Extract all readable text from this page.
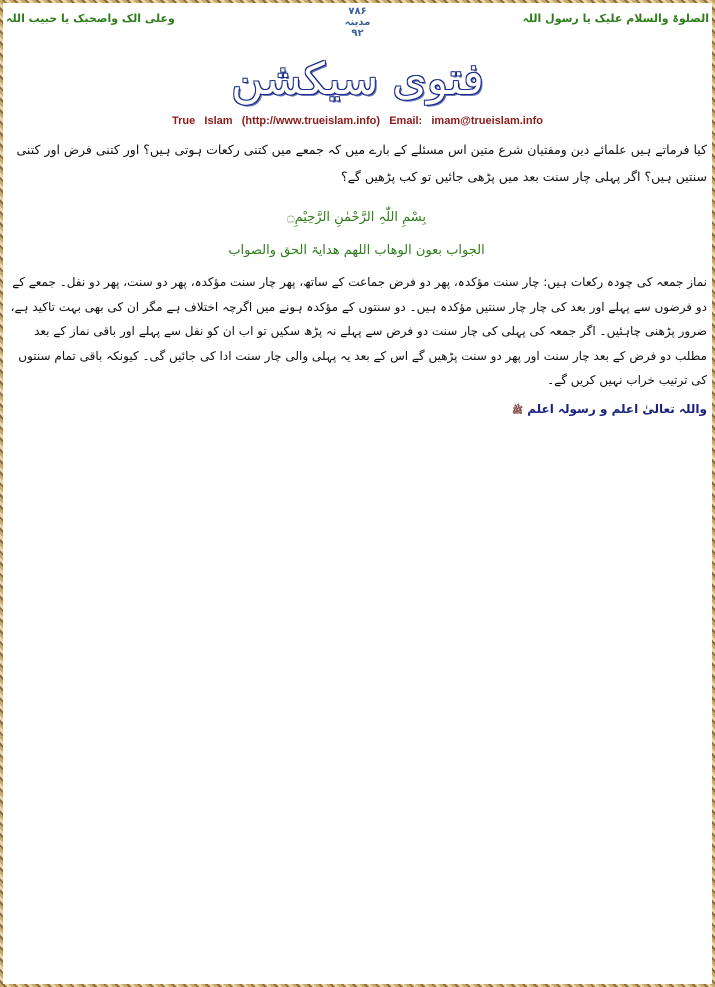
الصلوۃ والسلام علیک یا رسول اللہ
۷۸۶
مدینہ
۹۲
وعلی الک واصحبک یا حبیب اللہ
فتوی سیکشن
True   Islam   (http://www.trueislam.info)   Email:   imam@trueislam.info
کیا فرماتے ہیں علمائے دین ومفتیان شرع متین اس مسئلے کے بارے میں کہ جمعے میں کتنی رکعات ہوتی ہیں؟ اور کتنی فرض اور کتنی سنتیں ہیں؟ اگر پہلی چار سنت بعد میں پڑھی جائیں تو کب پڑھیں گے؟
بِسْمِ اللّٰہِ الرَّحْمٰنِ الرَّحِیْمِ۝
الجواب بعون الوھاب اللھم ھدایۃ الحق والصواب
نماز جمعہ کی چودہ رکعات ہیں: چار سنت مؤکدہ، پھر دو فرض جماعت کے ساتھ، پھر چار سنت مؤکدہ، پھر دو سنت، پھر دو نفل۔ جمعے کے دو فرضوں سے پہلے اور بعد کی چار چار سنتیں مؤکدہ ہیں۔ دو سنتوں کے مؤکدہ ہونے میں اگرچہ اختلاف ہے مگر ان کی بھی بہت تاکید ہے، ضرور پڑھنی چاہئیں۔ اگر جمعہ کی پہلی کی چار سنت دو فرض سے پہلے نہ پڑھ سکیں تو اب ان کو نفل سے پہلے اور باقی نماز کے بعد مطلب دو فرض کے بعد چار سنت اور پھر دو سنت پڑھیں گے اس کے بعد یہ پہلی والی چار سنت ادا کی جائیں گی۔ کیونکہ باقی تمام سنتوں کی ترتیب خراب نہیں کریں گے۔
واللہ تعالیٰ اعلم و رسولہ اعلم ﷺ
